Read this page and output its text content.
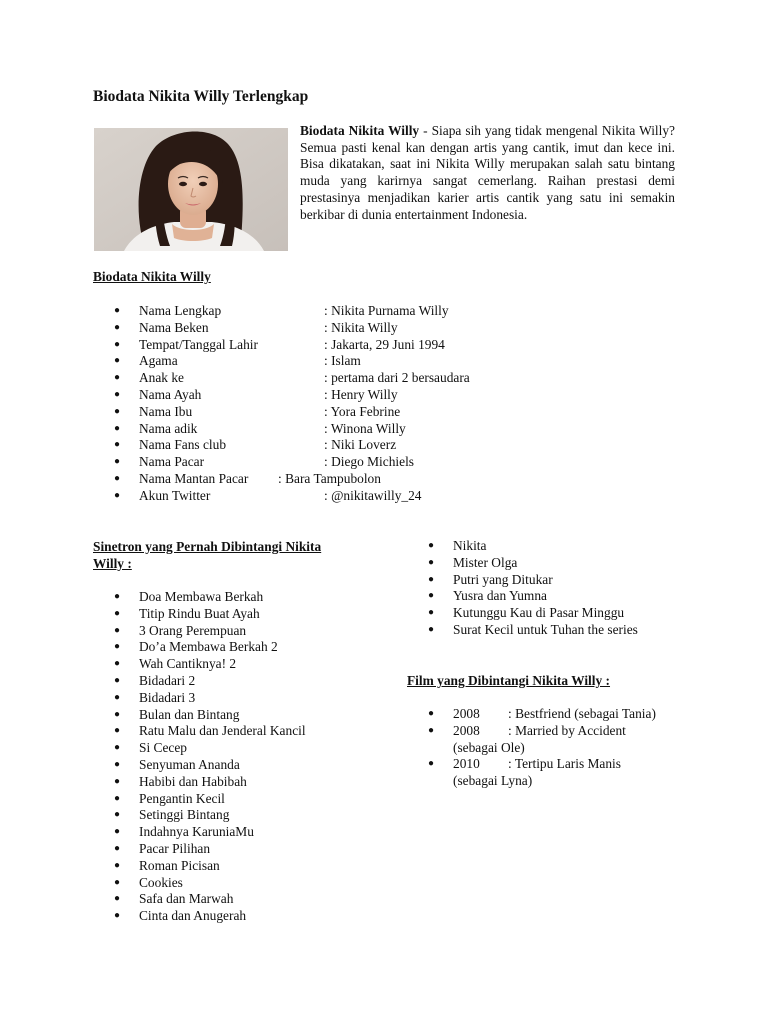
Biodata Nikita Willy Terlengkap

Biodata Nikita Willy - Siapa sih yang tidak mengenal Nikita Willy? Semua pasti kenal kan dengan artis yang cantik, imut dan kece ini. Bisa dikatakan, saat ini Nikita Willy merupakan salah satu bintang muda yang karirnya sangat cemerlang. Raihan prestasi demi prestasinya menjadikan karier artis cantik yang satu ini semakin berkibar di dunia entertainment Indonesia.

Biodata Nikita Willy

● Nama Lengkap	: Nikita Purnama Willy
● Nama Beken	: Nikita Willy
● Tempat/Tanggal Lahir	: Jakarta, 29 Juni 1994
● Agama	: Islam
● Anak ke	: pertama dari 2 bersaudara
● Nama Ayah	: Henry Willy
● Nama Ibu	: Yora Febrine
● Nama adik	: Winona Willy
● Nama Fans club	: Niki Loverz
● Nama Pacar	: Diego Michiels
● Nama Mantan Pacar : Bara Tampubolon
● Akun Twitter	: @nikitawilly_24

Sinetron yang Pernah Dibintangi Nikita
Willy :

● Doa Membawa Berkah
● Titip Rindu Buat Ayah
● 3 Orang Perempuan
● Do’a Membawa Berkah 2
● Wah Cantiknya! 2
● Bidadari 2
● Bidadari 3
● Bulan dan Bintang
● Ratu Malu dan Jenderal Kancil
● Si Cecep
● Senyuman Ananda
● Habibi dan Habibah
● Pengantin Kecil
● Setinggi Bintang
● Indahnya KaruniaMu
● Pacar Pilihan
● Roman Picisan
● Cookies
● Safa dan Marwah
● Cinta dan Anugerah
● Nikita
● Mister Olga
● Putri yang Ditukar
● Yusra dan Yumna
● Kutunggu Kau di Pasar Minggu
● Surat Kecil untuk Tuhan the series

Film yang Dibintangi Nikita Willy :

● 2008 : Bestfriend (sebagai Tania)
● 2008 : Married by Accident
(sebagai Ole)
● 2010 : Tertipu Laris Manis
(sebagai Lyna)
